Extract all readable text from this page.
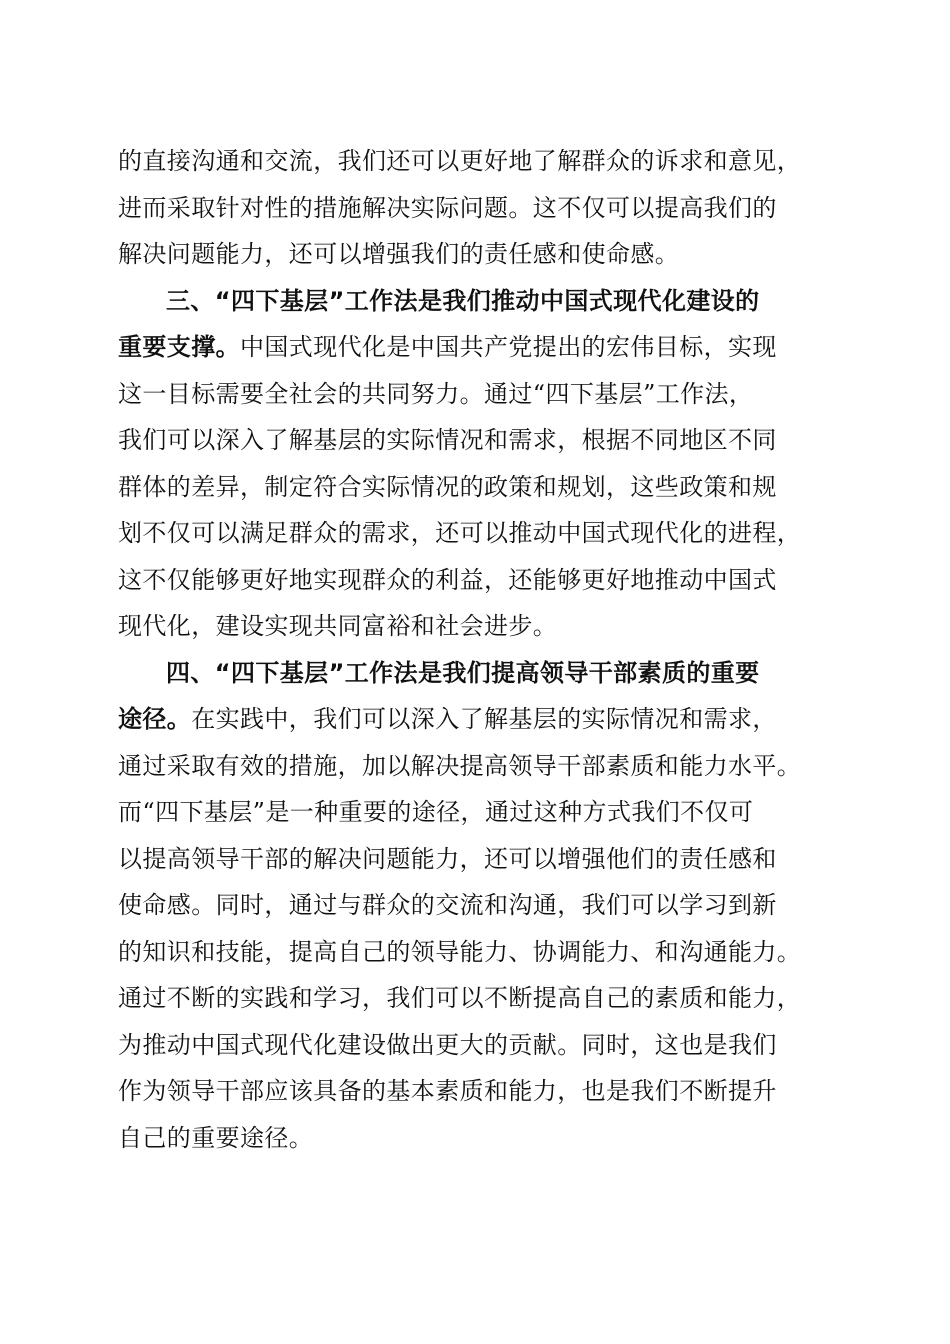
的直接沟通和交流，我们还可以更好地了解群众的诉求和意见，
进而采取针对性的措施解决实际问题。这不仅可以提高我们的
解决问题能力，还可以增强我们的责任感和使命感。
三、“四下基层”工作法是我们推动中国式现代化建设的
重要支撑。中国式现代化是中国共产党提出的宏伟目标，实现
这一目标需要全社会的共同努力。通过“四下基层”工作法，
我们可以深入了解基层的实际情况和需求，根据不同地区不同
群体的差异，制定符合实际情况的政策和规划，这些政策和规
划不仅可以满足群众的需求，还可以推动中国式现代化的进程，
这不仅能够更好地实现群众的利益，还能够更好地推动中国式
现代化，建设实现共同富裕和社会进步。
四、“四下基层”工作法是我们提高领导干部素质的重要
途径。在实践中，我们可以深入了解基层的实际情况和需求，
通过采取有效的措施，加以解决提高领导干部素质和能力水平。
而“四下基层”是一种重要的途径，通过这种方式我们不仅可
以提高领导干部的解决问题能力，还可以增强他们的责任感和
使命感。同时，通过与群众的交流和沟通，我们可以学习到新
的知识和技能，提高自己的领导能力、协调能力、和沟通能力。
通过不断的实践和学习，我们可以不断提高自己的素质和能力，
为推动中国式现代化建设做出更大的贡献。同时，这也是我们
作为领导干部应该具备的基本素质和能力，也是我们不断提升
自己的重要途径。
